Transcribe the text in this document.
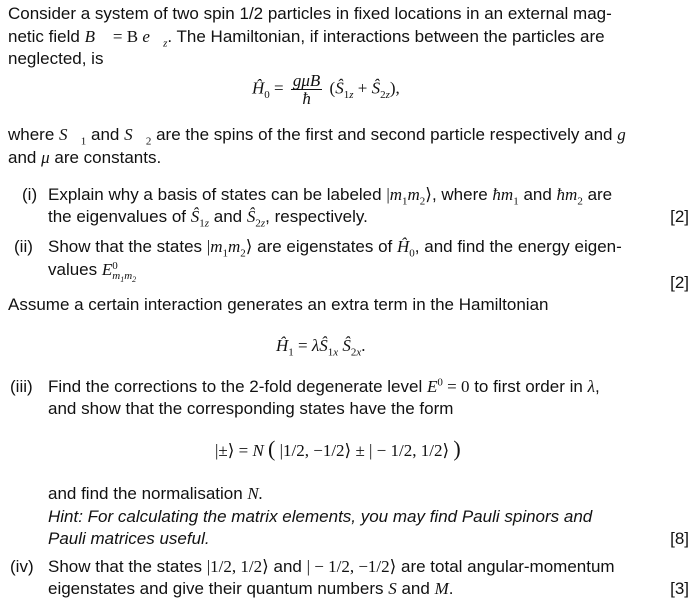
Consider a system of two spin 1/2 particles in fixed locations in an external mag-
netic field B⃗ = B $e⃗_z$. The Hamiltonian, if interactions between the particles are
neglected, is
$Ĥ_0 = \frac{\text{gμB}}{ħ}$ ($Ŝ_{1z}$ + $Ŝ_{2z}$),
where $S⃗_1$ and $S⃗_2$ are the spins of the first and second particle respectively and g
and μ are constants.
(i) Explain why a basis of states can be labeled $|m_1m_2⟩$, where $ħm_1$ and $ħm_2$ are
the eigenvalues of $Ŝ_{1z}$ and $Ŝ_{2z}$, respectively.	[2]
(ii) Show that the states $|m_1m_2⟩$ are eigenstates of $Ĥ_0$, and find the energy eigen-
values E 0
$m_1m_2$	[2]
Assume a certain interaction generates an extra term in the Hamiltonian
$Ĥ_1$ = $\lambda Ŝ_{1x}$ $Ŝ_{2x}$.
(iii) Find the corrections to the 2-fold degenerate level $E^0 = 0$ to first order in λ,
and show that the corresponding states have the form
|±⟩ = N ( |1/2, −1/2⟩ ± | − 1/2, 1/2⟩ )
and find the normalisation N.
Hint: For calculating the matrix elements, you may find Pauli spinors and
Pauli matrices useful.	[8]
(iv) Show that the states |1/2, 1/2⟩ and | − 1/2, −1/2⟩ are total angular-momentum
eigenstates and give their quantum numbers S and M.	[3]
